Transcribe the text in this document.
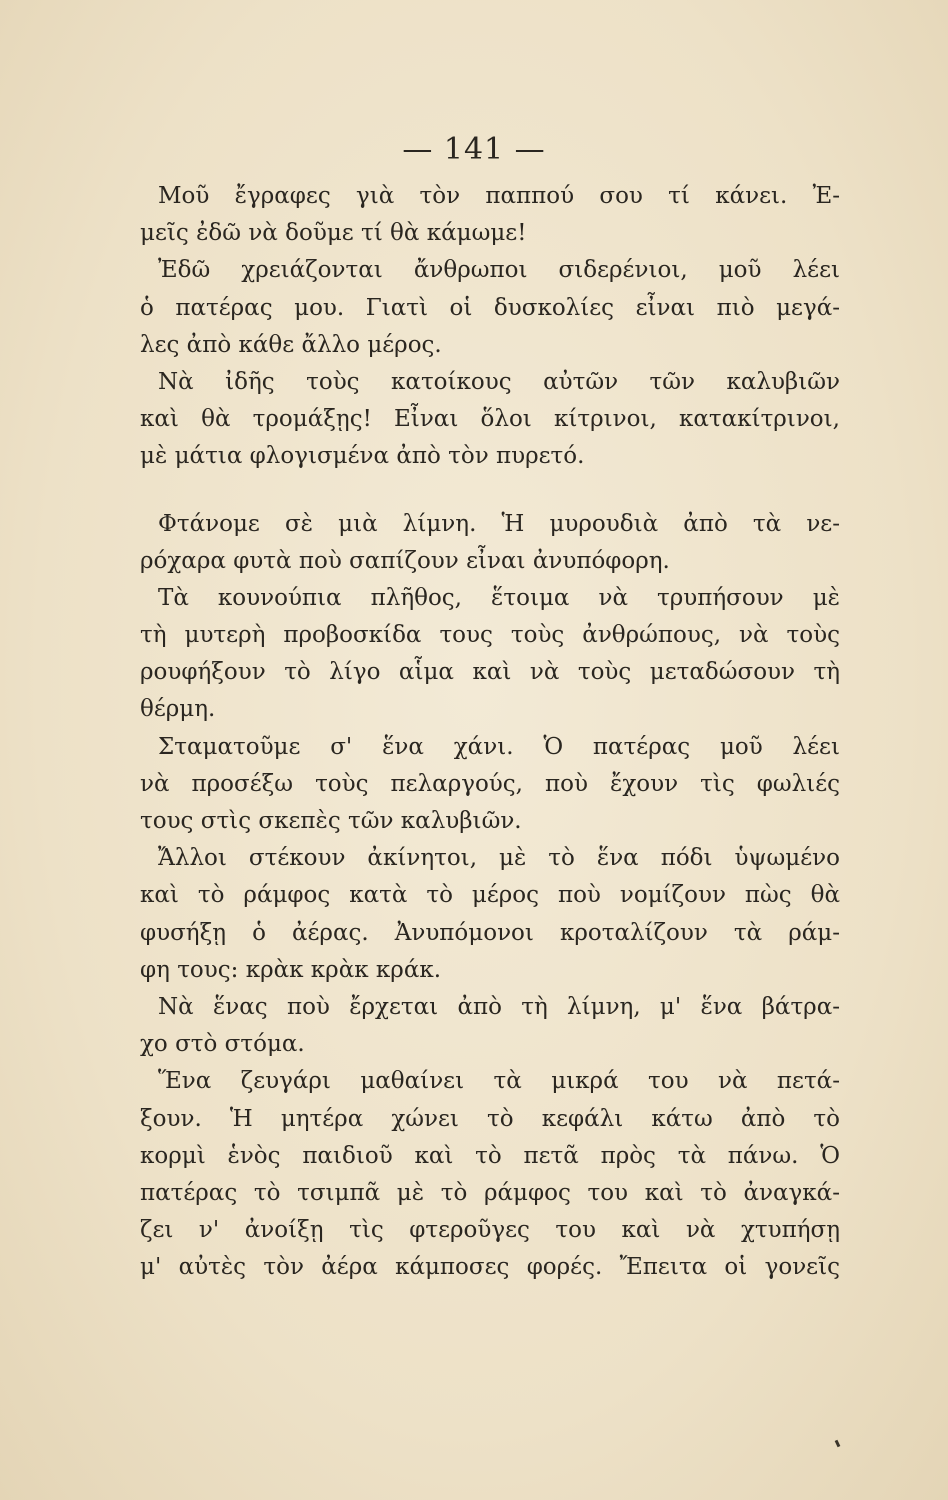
— 141 —
Μοῦ ἔγραφες γιὰ τὸν παππού σου τί κάνει. Ἐ-
μεῖς ἐδῶ νὰ δοῦμε τί θὰ κάμωμε!
Ἐδῶ χρειάζονται ἄνθρωποι σιδερένιοι, μοῦ λέει
ὁ πατέρας μου. Γιατὶ οἱ δυσκολίες εἶναι πιὸ μεγά-
λες ἀπὸ κάθε ἄλλο μέρος.
Νὰ ἰδῆς τοὺς κατοίκους αὐτῶν τῶν καλυβιῶν
καὶ θὰ τρομάξῃς! Εἶναι ὅλοι κίτρινοι, κατακίτρινοι,
μὲ μάτια φλογισμένα ἀπὸ τὸν πυρετό.
Φτάνομε σὲ μιὰ λίμνη. Ἡ μυρουδιὰ ἀπὸ τὰ νε-
ρόχαρα φυτὰ ποὺ σαπίζουν εἶναι ἀνυπόφορη.
Τὰ κουνούπια πλῆθος, ἕτοιμα νὰ τρυπήσουν μὲ
τὴ μυτερὴ προβοσκίδα τους τοὺς ἀνθρώπους, νὰ τοὺς
ρουφήξουν τὸ λίγο αἷμα καὶ νὰ τοὺς μεταδώσουν τὴ
θέρμη.
Σταματοῦμε σ' ἕνα χάνι. Ὁ πατέρας μοῦ λέει
νὰ προσέξω τοὺς πελαργούς, ποὺ ἔχουν τὶς φωλιές
τους στὶς σκεπὲς τῶν καλυβιῶν.
Ἄλλοι στέκουν ἀκίνητοι, μὲ τὸ ἕνα πόδι ὑψωμένο
καὶ τὸ ράμφος κατὰ τὸ μέρος ποὺ νομίζουν πὼς θὰ
φυσήξῃ ὁ ἀέρας. Ἀνυπόμονοι κροταλίζουν τὰ ράμ-
φη τους: κρὰκ κρὰκ κράκ.
Νὰ ἕνας ποὺ ἔρχεται ἀπὸ τὴ λίμνη, μ' ἕνα βάτρα-
χο στὸ στόμα.
Ἕνα ζευγάρι μαθαίνει τὰ μικρά του νὰ πετά-
ξουν. Ἡ μητέρα χώνει τὸ κεφάλι κάτω ἀπὸ τὸ
κορμὶ ἑνὸς παιδιοῦ καὶ τὸ πετᾶ πρὸς τὰ πάνω. Ὁ
πατέρας τὸ τσιμπᾶ μὲ τὸ ράμφος του καὶ τὸ ἀναγκά-
ζει ν' ἀνοίξῃ τὶς φτεροῦγες του καὶ νὰ χτυπήσῃ
μ' αὐτὲς τὸν ἀέρα κάμποσες φορές. Ἔπειτα οἱ γονεῖς
